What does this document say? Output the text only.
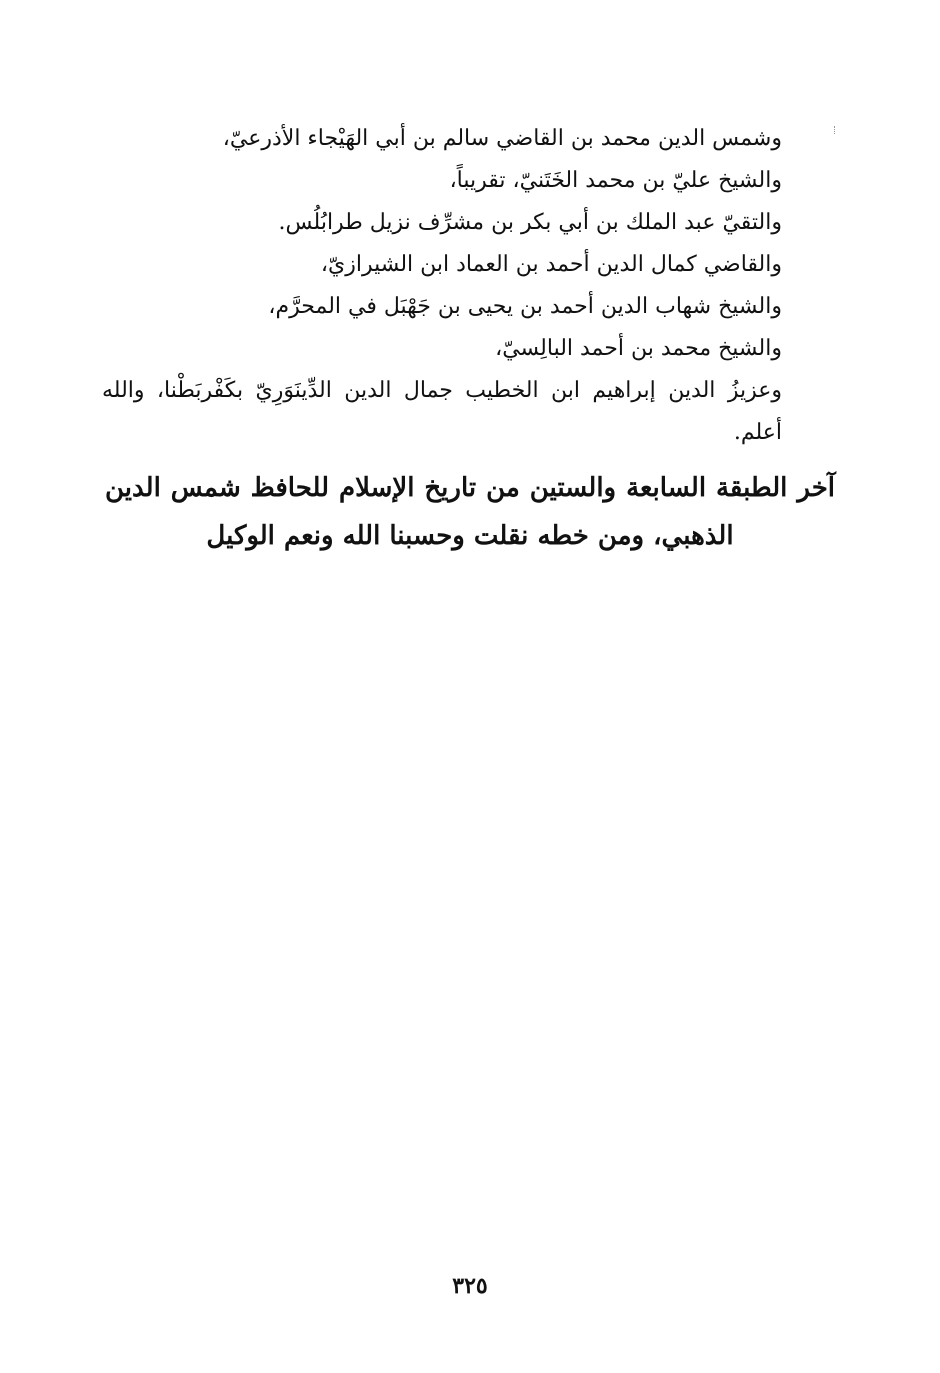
وشمس الدين محمد بن القاضي سالم بن أبي الهَيْجاء الأذرعيّ،
والشيخ عليّ بن محمد الخَتَنيّ، تقريباً،
والتقيّ عبد الملك بن أبي بكر بن مشرِّف نزيل طرابُلُس.
والقاضي كمال الدين أحمد بن العماد ابن الشيرازيّ،
والشيخ شهاب الدين أحمد بن يحيى بن جَهْبَل في المحرَّم،
والشيخ محمد بن أحمد البالِسيّ،
وعزيزُ الدين إبراهيم ابن الخطيب جمال الدين الدِّينَوَرِيّ بكَفْربَطْنا، والله أعلم.
آخر الطبقة السابعة والستين من تاريخ الإسلام للحافظ شمس الدين
الذهبي، ومن خطه نقلت وحسبنا الله ونعم الوكيل
٣٢٥
